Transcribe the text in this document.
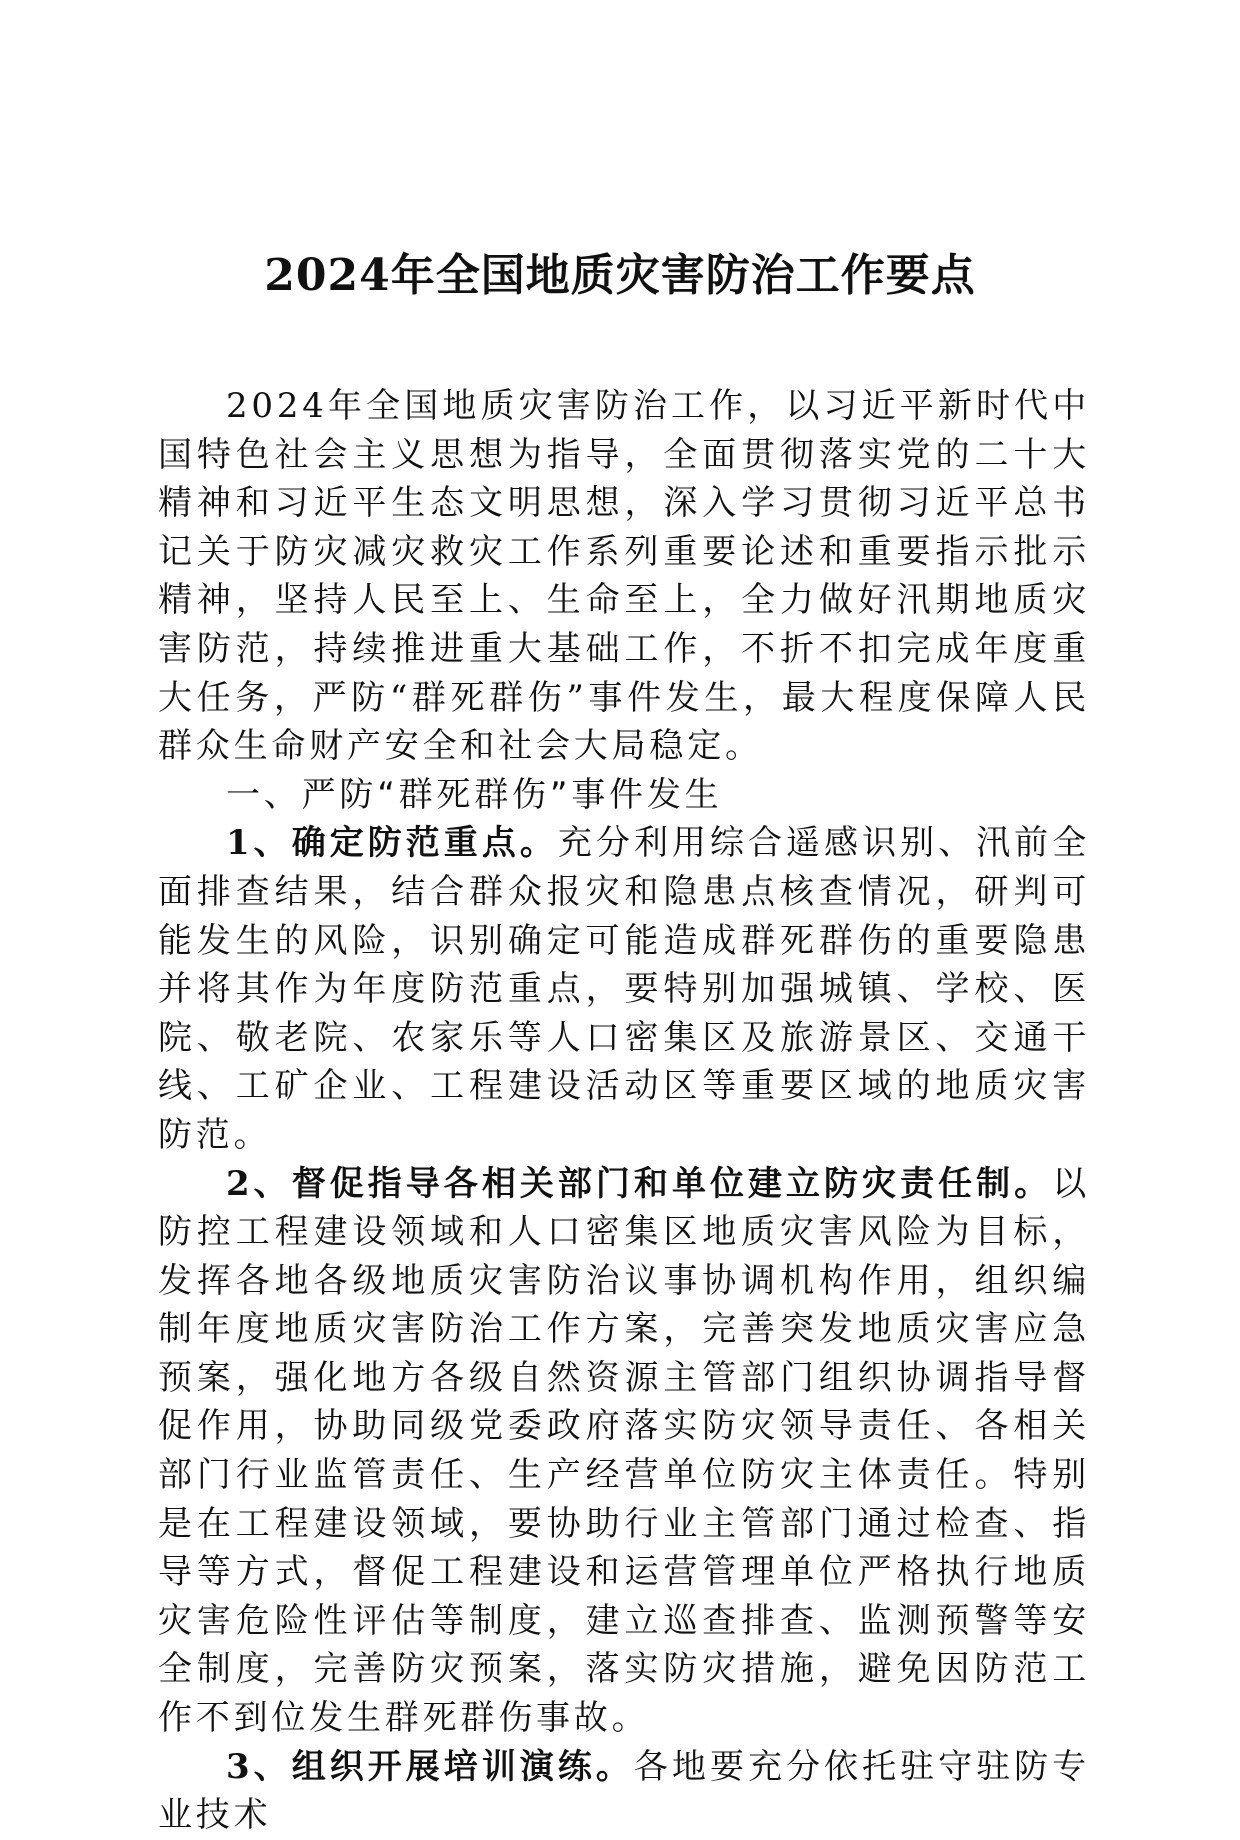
2024年全国地质灾害防治工作要点

2024年全国地质灾害防治工作，以习近平新时代中国特色社会主义思想为指导，全面贯彻落实党的二十大精神和习近平生态文明思想，深入学习贯彻习近平总书记关于防灾减灾救灾工作系列重要论述和重要指示批示精神，坚持人民至上、生命至上，全力做好汛期地质灾害防范，持续推进重大基础工作，不折不扣完成年度重大任务，严防“群死群伤”事件发生，最大程度保障人民群众生命财产安全和社会大局稳定。

一、严防“群死群伤”事件发生

1、确定防范重点。充分利用综合遥感识别、汛前全面排查结果，结合群众报灾和隐患点核查情况，研判可能发生的风险，识别确定可能造成群死群伤的重要隐患并将其作为年度防范重点，要特别加强城镇、学校、医院、敬老院、农家乐等人口密集区及旅游景区、交通干线、工矿企业、工程建设活动区等重要区域的地质灾害防范。

2、督促指导各相关部门和单位建立防灾责任制。以防控工程建设领域和人口密集区地质灾害风险为目标，发挥各地各级地质灾害防治议事协调机构作用，组织编制年度地质灾害防治工作方案，完善突发地质灾害应急预案，强化地方各级自然资源主管部门组织协调指导督促作用，协助同级党委政府落实防灾领导责任、各相关部门行业监管责任、生产经营单位防灾主体责任。特别是在工程建设领域，要协助行业主管部门通过检查、指导等方式，督促工程建设和运营管理单位严格执行地质灾害危险性评估等制度，建立巡查排查、监测预警等安全制度，完善防灾预案，落实防灾措施，避免因防范工作不到位发生群死群伤事故。

3、组织开展培训演练。各地要充分依托驻守驻防专业技术
